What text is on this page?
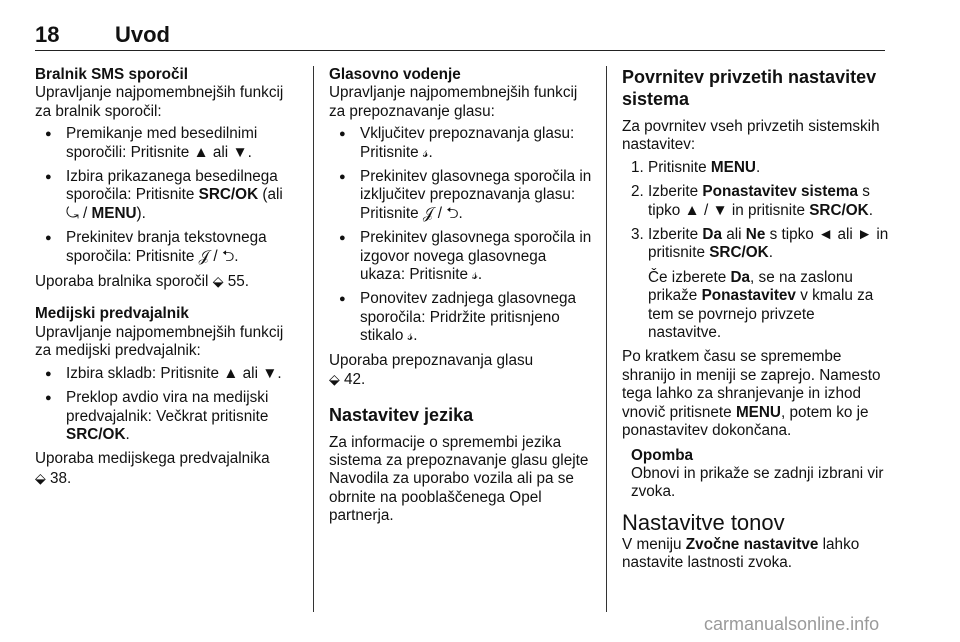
18	Uvod
Bralnik SMS sporočil

Upravljanje najpomembnejših funkcij za bralnik sporočil:

● Premikanje med besedilnimi sporočili: Pritisnite ▲ ali ▼.
● Izbira prikazanega besedilnega sporočila: Pritisnite SRC/OK (ali
⤿ / MENU).
● Prekinitev branja tekstovnega sporočila: Pritisnite 𝒥 / ⮌.

Uporaba bralnika sporočil ⬙ 55.

Medijski predvajalnik

Upravljanje najpomembnejših funkcij za medijski predvajalnik:

● Izbira skladb: Pritisnite ▲ ali ▼.
● Preklop avdio vira na medijski predvajalnik: Večkrat pritisnite
SRC/OK.

Uporaba medijskega predvajalnika
⬙ 38.

Glasovno vodenje

Upravljanje najpomembnejših funkcij za prepoznavanje glasu:

● Vključitev prepoznavanja glasu: Pritisnite 𝓈.
● Prekinitev glasovnega sporočila in izključitev prepoznavanja glasu: Pritisnite 𝒥 / ⮌.
● Prekinitev glasovnega sporočila in izgovor novega glasovnega ukaza: Pritisnite 𝓈.
● Ponovitev zadnjega glasovnega sporočila: Pridržite pritisnjeno stikalo 𝓈.

Uporaba prepoznavanja glasu
⬙ 42.

Nastavitev jezika

Za informacije o spremembi jezika sistema za prepoznavanje glasu glejte Navodila za uporabo vozila ali pa se obrnite na pooblaščenega Opel partnerja.

Povrnitev privzetih nastavitev sistema

Za povrnitev vseh privzetih sistemskih nastavitev:

1. Pritisnite MENU.
2. Izberite Ponastavitev sistema s tipko ▲ / ▼ in pritisnite SRC/OK.
3. Izberite Da ali Ne s tipko ◄ ali ► in pritisnite SRC/OK.
Če izberete Da, se na zaslonu prikaže Ponastavitev v kmalu za tem se povrnejo privzete nastavitve.

Po kratkem času se spremembe shranijo in meniji se zaprejo. Namesto tega lahko za shranjevanje in izhod vnovič pritisnete MENU, potem ko je ponastavitev dokončana.

Opomba

Obnovi in prikaže se zadnji izbrani vir zvoka.

Nastavitve tonov

V meniju Zvočne nastavitve lahko nastavite lastnosti zvoka.

carmanualsonline.info
